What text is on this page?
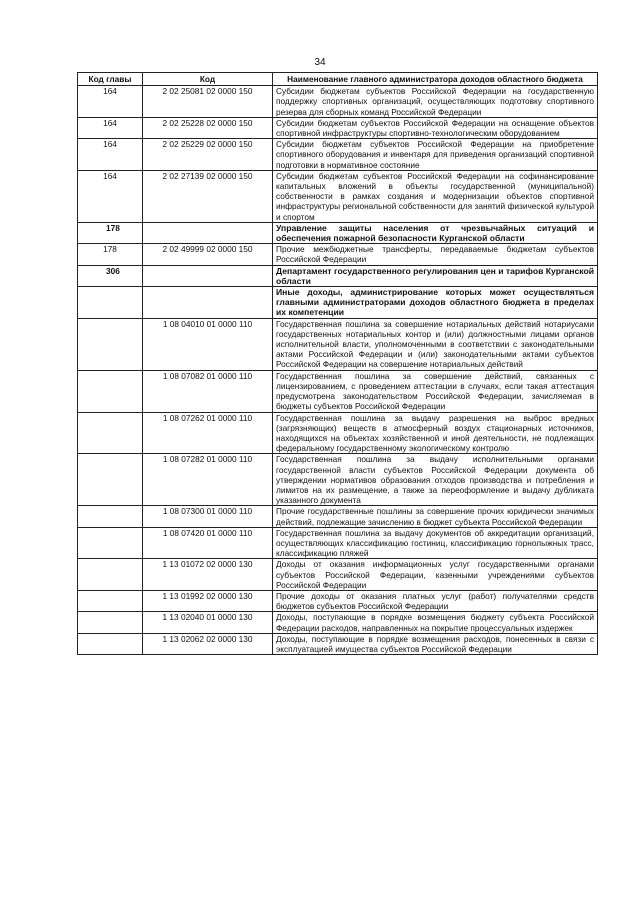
34
Код главы	Код	Наименование главного администратора доходов областного бюджета
164	2 02 25081 02 0000 150	Субсидии бюджетам субъектов Российской Федерации на государственную поддержку спортивных организаций, осуществляющих подготовку спортивного резерва для сборных команд Российской Федерации
164	2 02 25228 02 0000 150	Субсидии бюджетам субъектов Российской Федерации на оснащение объектов спортивной инфраструктуры спортивно-технологическим оборудованием
164	2 02 25229 02 0000 150	Субсидии бюджетам субъектов Российской Федерации на приобретение спортивного оборудования и инвентаря для приведения организаций спортивной подготовки в нормативное состояние
164	2 02 27139 02 0000 150	Субсидии бюджетам субъектов Российской Федерации на софинансирование капитальных вложений в объекты государственной (муниципальной) собственности в рамках создания и модернизации объектов спортивной инфраструктуры региональной собственности для занятий физической культурой и спортом
178		Управление защиты населения от чрезвычайных ситуаций и обеспечения пожарной безопасности Курганской области
178	2 02 49999 02 0000 150	Прочие межбюджетные трансферты, передаваемые бюджетам субъектов Российской Федерации
306		Департамент государственного регулирования цен и тарифов Курганской области
		Иные доходы, администрирование которых может осуществляться главными администраторами доходов областного бюджета в пределах их компетенции
	1 08 04010 01 0000 110	Государственная пошлина за совершение нотариальных действий нотариусами государственных нотариальных контор и (или) должностными лицами органов исполнительной власти, уполномоченными в соответствии с законодательными актами Российской Федерации и (или) законодательными актами субъектов Российской Федерации на совершение нотариальных действий
	1 08 07082 01 0000 110	Государственная пошлина за совершение действий, связанных с лицензированием, с проведением аттестации в случаях, если такая аттестация предусмотрена законодательством Российской Федерации, зачисляемая в бюджеты субъектов Российской Федерации
	1 08 07262 01 0000 110	Государственная пошлина за выдачу разрешения на выброс вредных (загрязняющих) веществ в атмосферный воздух стационарных источников, находящихся на объектах хозяйственной и иной деятельности, не подлежащих федеральному государственному экологическому контролю
	1 08 07282 01 0000 110	Государственная пошлина за выдачу исполнительными органами государственной власти субъектов Российской Федерации документа об утверждении нормативов образования отходов производства и потребления и лимитов на их размещение, а также за переоформление и выдачу дубликата указанного документа
	1 08 07300 01 0000 110	Прочие государственные пошлины за совершение прочих юридически значимых действий, подлежащие зачислению в бюджет субъекта Российской Федерации
	1 08 07420 01 0000 110	Государственная пошлина за выдачу документов об аккредитации организаций, осуществляющих классификацию гостиниц, классификацию горнолыжных трасс, классификацию пляжей
	1 13 01072 02 0000 130	Доходы от оказания информационных услуг государственными органами субъектов Российской Федерации, казенными учреждениями субъектов Российской Федерации
	1 13 01992 02 0000 130	Прочие доходы от оказания платных услуг (работ) получателями средств бюджетов субъектов Российской Федерации
	1 13 02040 01 0000 130	Доходы, поступающие в порядке возмещения бюджету субъекта Российской Федерации расходов, направленных на покрытие процессуальных издержек
	1 13 02062 02 0000 130	Доходы, поступающие в порядке возмещения расходов, понесенных в связи с эксплуатацией имущества субъектов Российской Федерации
